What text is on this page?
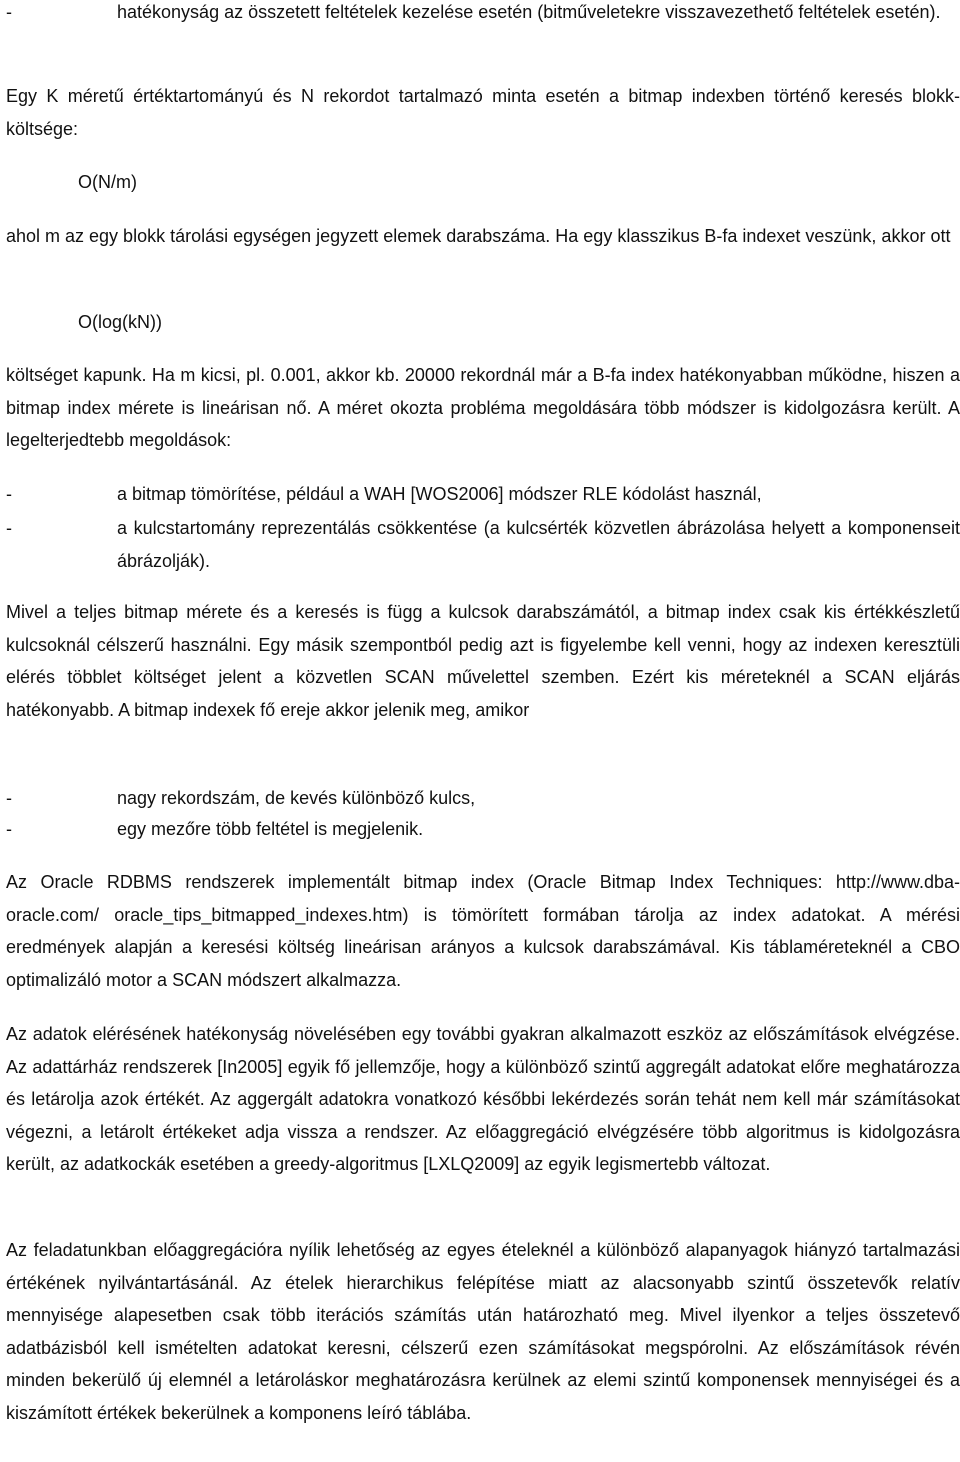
-	hatékonyság az összetett feltételek kezelése esetén (bitműveletekre visszavezethető feltételek esetén).

Egy K méretű értéktartományú és N rekordot tartalmazó minta esetén a bitmap indexben történő keresés blokk-költsége:

O(N/m)

ahol m az egy blokk tárolási egységen jegyzett elemek darabszáma. Ha egy klasszikus B-fa indexet veszünk, akkor ott

O(log(kN))

költséget kapunk. Ha m kicsi, pl. 0.001, akkor kb. 20000 rekordnál már a B-fa index hatékonyabban működne, hiszen a bitmap index mérete is lineárisan nő. A méret okozta probléma megoldására több módszer is kidolgozásra került. A legelterjedtebb megoldások:

-	a bitmap tömörítése, például a WAH [WOS2006] módszer RLE kódolást használ,
-	a kulcstartomány reprezentálás csökkentése (a kulcsérték közvetlen ábrázolása helyett a komponenseit ábrázolják).

Mivel a teljes bitmap mérete és a keresés is függ a kulcsok darabszámától, a bitmap index csak kis értékkészletű kulcsoknál célszerű használni. Egy másik szempontból pedig azt is figyelembe kell venni, hogy az indexen keresztüli elérés többlet költséget jelent a közvetlen SCAN művelettel szemben. Ezért kis méreteknél a SCAN eljárás hatékonyabb. A bitmap indexek fő ereje akkor jelenik meg, amikor

-	nagy rekordszám, de kevés különböző kulcs,
-	egy mezőre több feltétel is megjelenik.

Az Oracle RDBMS rendszerek implementált bitmap index (Oracle Bitmap Index Techniques: http://www.dba-oracle.com/ oracle_tips_bitmapped_indexes.htm) is tömörített formában tárolja az index adatokat. A mérési eredmények alapján a keresési költség lineárisan arányos a kulcsok darabszámával. Kis táblaméreteknél a CBO optimalizáló motor a SCAN módszert alkalmazza.

Az adatok elérésének hatékonyság növelésében egy további gyakran alkalmazott eszköz az előszámítások elvégzése. Az adattárház rendszerek [In2005] egyik fő jellemzője, hogy a különböző szintű aggregált adatokat előre meghatározza és letárolja azok értékét. Az aggergált adatokra vonatkozó későbbi lekérdezés során tehát nem kell már számításokat végezni, a letárolt értékeket adja vissza a rendszer. Az előaggregáció elvégzésére több algoritmus is kidolgozásra került, az adatkockák esetében a greedy-algoritmus [LXLQ2009] az egyik legismertebb változat.

Az feladatunkban előaggregációra nyílik lehetőség az egyes ételeknél a különböző alapanyagok hiányzó tartalmazási értékének nyilvántartásánál. Az ételek hierarchikus felépítése miatt az alacsonyabb szintű összetevők relatív mennyisége alapesetben csak több iterációs számítás után határozható meg. Mivel ilyenkor a teljes összetevő adatbázisból kell ismételten adatokat keresni, célszerű ezen számításokat megspórolni. Az előszámítások révén minden bekerülő új elemnél a letároláskor meghatározásra kerülnek az elemi szintű komponensek mennyiségei és a kiszámított értékek bekerülnek a komponens leíró táblába.
